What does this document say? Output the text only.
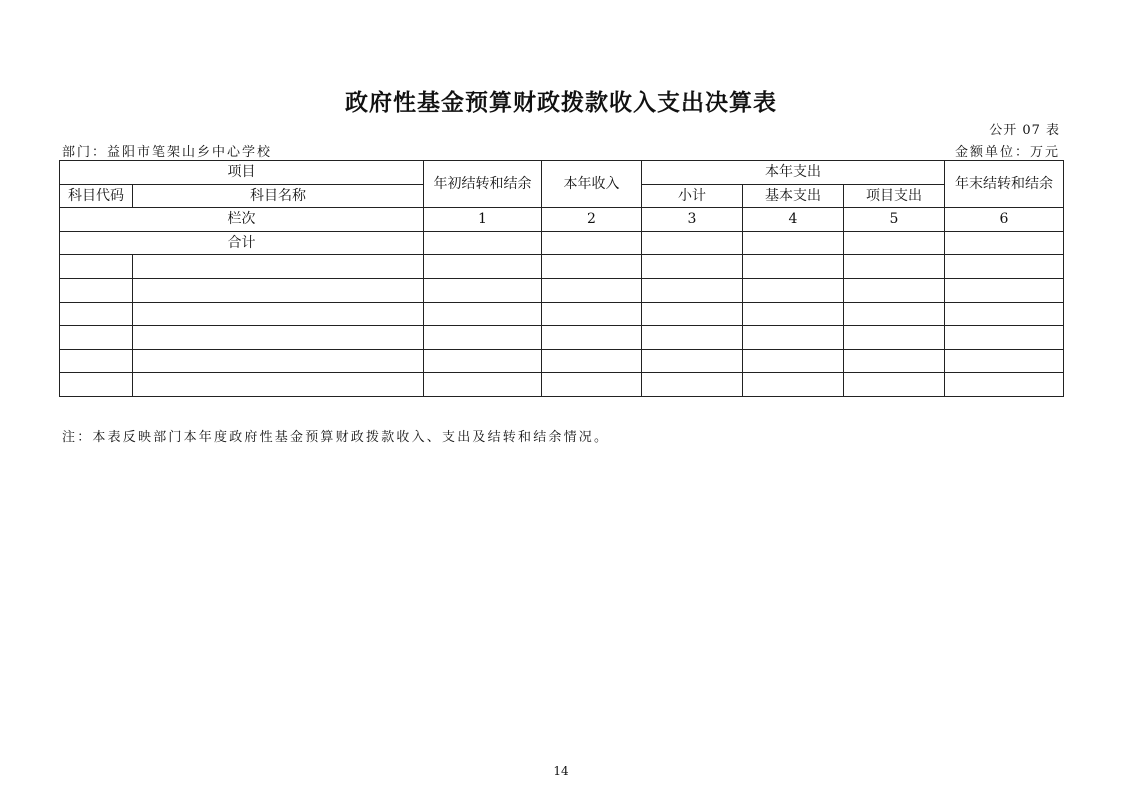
政府性基金预算财政拨款收入支出决算表
公开 07 表
部门：益阳市笔架山乡中心学校	金额单位：万元
项目		年初结转和结余	本年收入	本年支出			年末结转和结余
科目代码	科目名称			小计	基本支出	项目支出	
栏次		1	2	3	4	5	6
合计							

注：本表反映部门本年度政府性基金预算财政拨款收入、支出及结转和结余情况。
14
